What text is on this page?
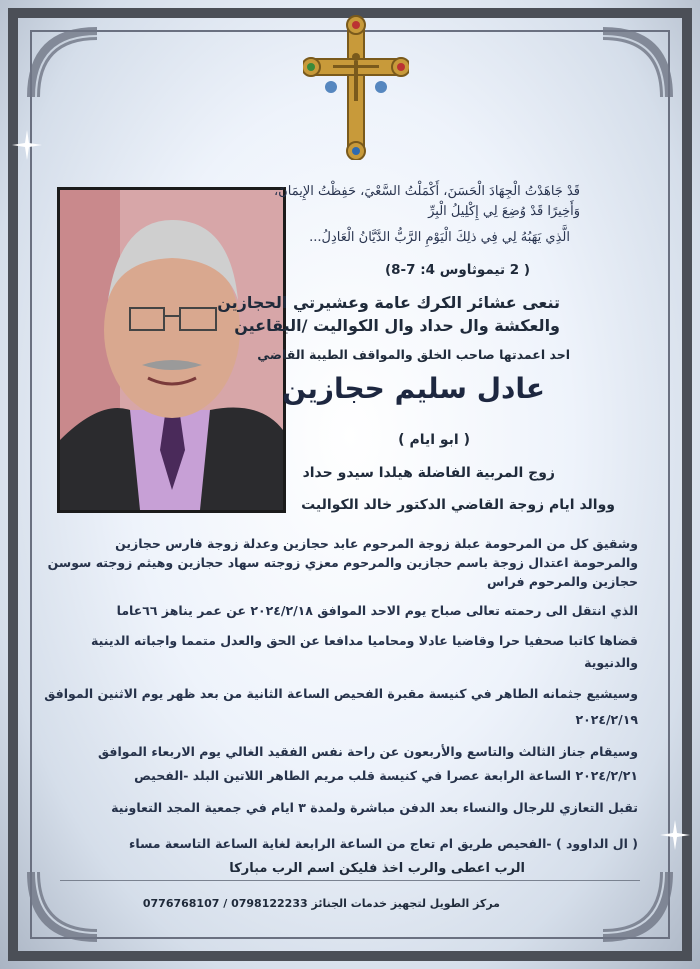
قَدْ جَاهَدْتُ الْجِهَادَ الْحَسَنَ، أَكْمَلْتُ السَّعْيَ، حَفِظْتُ الإِيمَانَ،
وَأَخِيرًا قَدْ وُضِعَ لِي إِكْلِيلُ الْبِرِّ
الَّذِي يَهَبُهُ لِي فِي ذلِكَ الْيَوْمِ الرَّبُّ الدَّيَّانُ الْعَادِلُ...
( 2 تيموثاوس 4: 7-8)
تنعى عشائر الكرك عامة وعشيرتي الحجازين
والعكشة وال حداد وال الكواليت /البقاعين
احد اعمدتها صاحب الخلق والمواقف الطيبة القاضي
عادل سليم حجازين
( ابو ايام )
زوج المربية الفاضلة هيلدا سيدو حداد
ووالد ايام زوجة القاضي الدكتور خالد الكواليت
وشقيق كل من المرحومة عبلة زوجة المرحوم عابد حجازين وعدلة زوجة فارس حجازين
والمرحومة اعتدال زوجة باسم حجازين والمرحوم معزي زوجته سهاد حجازين وهيثم زوجته سوسن
حجازين والمرحوم فراس
الذي انتقل الى رحمته تعالى صباح يوم الاحد الموافق ٢٠٢٤/٢/١٨ عن عمر يناهز ٦٦عاما
قضاها كاتبا صحفيا حرا وقاضيا عادلا ومحاميا مدافعا عن الحق والعدل متمما واجباته الدينية
والدنيوية
وسيشيع جثمانه الطاهر في كنيسة مقبرة الفحيص الساعة الثانية من بعد ظهر يوم الاثنين الموافق
٢٠٢٤/٢/١٩
وسيقام جناز الثالث والتاسع والأربعون عن راحة نفس الفقيد الغالي يوم الاربعاء الموافق
٢٠٢٤/٢/٢١ الساعة الرابعة عصرا في كنيسة قلب مريم الطاهر اللاتين البلد -الفحيص
تقبل التعازي للرجال والنساء بعد الدفن مباشرة ولمدة ٣ ايام في جمعية المجد التعاونية
( ال الداوود ) -الفحيص طريق ام تعاج من الساعة الرابعة لغاية الساعة التاسعة مساء
الرب اعطى والرب اخذ فليكن اسم الرب مباركا
مركز الطويل لتجهيز خدمات الجنائز 0798122233 / 0776768107
